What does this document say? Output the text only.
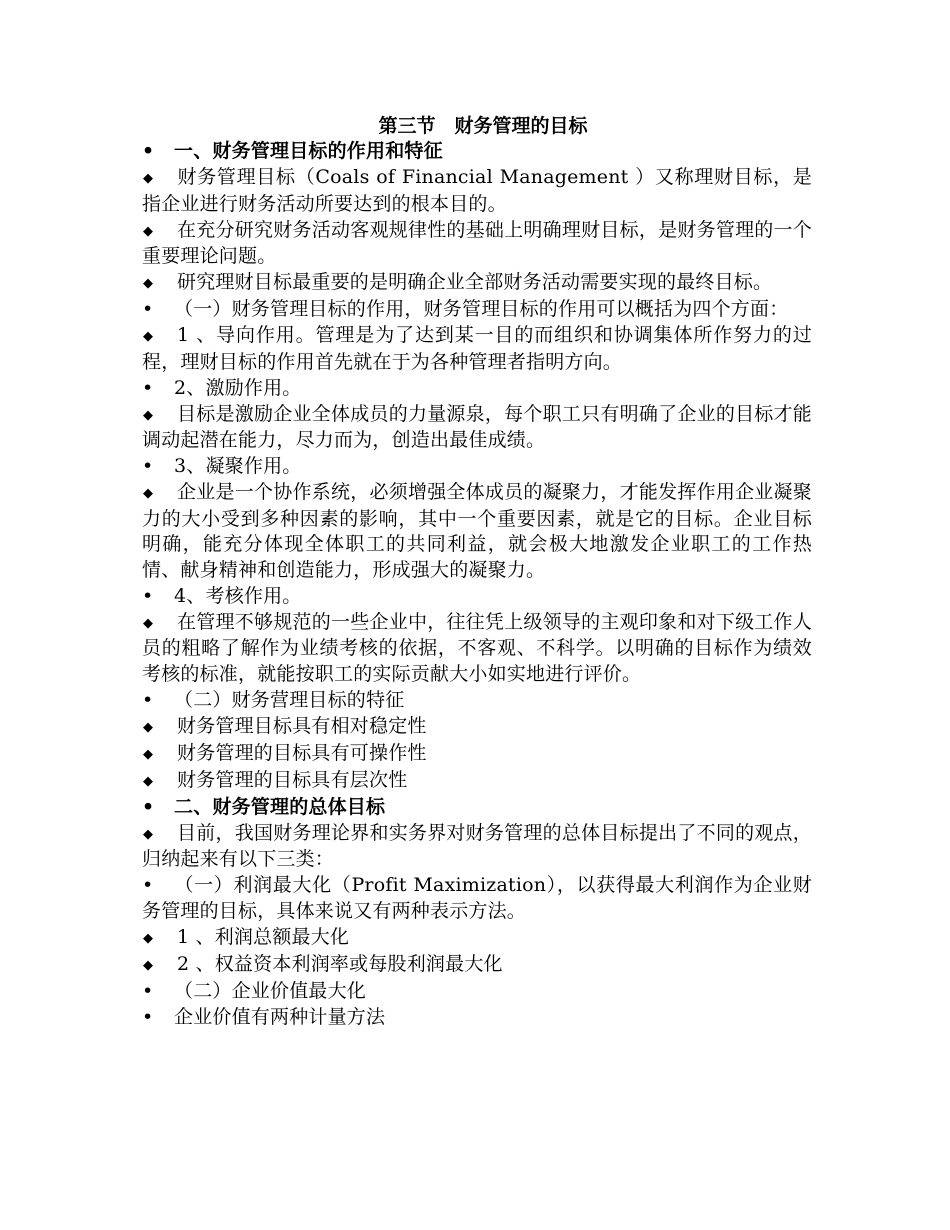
第三节　财务管理的目标

• 一、财务管理目标的作用和特征

◆ 财务管理目标（Coals of Financial Management ）又称理财目标，是指企业进行财务活动所要达到的根本目的。

◆ 在充分研究财务活动客观规律性的基础上明确理财目标，是财务管理的一个重要理论问题。

◆ 研究理财目标最重要的是明确企业全部财务活动需要实现的最终目标。

• （一）财务管理目标的作用，财务管理目标的作用可以概括为四个方面：

◆ 1 、导向作用。管理是为了达到某一目的而组织和协调集体所作努力的过程，理财目标的作用首先就在于为各种管理者指明方向。

• 2、激励作用。

◆ 目标是激励企业全体成员的力量源泉，每个职工只有明确了企业的目标才能调动起潜在能力，尽力而为，创造出最佳成绩。

• 3、凝聚作用。

◆ 企业是一个协作系统，必须增强全体成员的凝聚力，才能发挥作用企业凝聚力的大小受到多种因素的影响，其中一个重要因素，就是它的目标。企业目标明确，能充分体现全体职工的共同利益，就会极大地激发企业职工的工作热情、献身精神和创造能力，形成强大的凝聚力。

• 4、考核作用。

◆ 在管理不够规范的一些企业中，往往凭上级领导的主观印象和对下级工作人员的粗略了解作为业绩考核的依据，不客观、不科学。以明确的目标作为绩效考核的标准，就能按职工的实际贡献大小如实地进行评价。

• （二）财务营理目标的特征

◆ 财务管理目标具有相对稳定性

◆ 财务管理的目标具有可操作性

◆ 财务管理的目标具有层次性

• 二、财务管理的总体目标

◆ 目前，我国财务理论界和实务界对财务管理的总体目标提出了不同的观点，归纳起来有以下三类：

• （一）利润最大化（Profit Maximization），以获得最大利润作为企业财务管理的目标，具体来说又有两种表示方法。

◆ 1 、利润总额最大化

◆ 2 、权益资本利润率或每股利润最大化

• （二）企业价值最大化

• 企业价值有两种计量方法
